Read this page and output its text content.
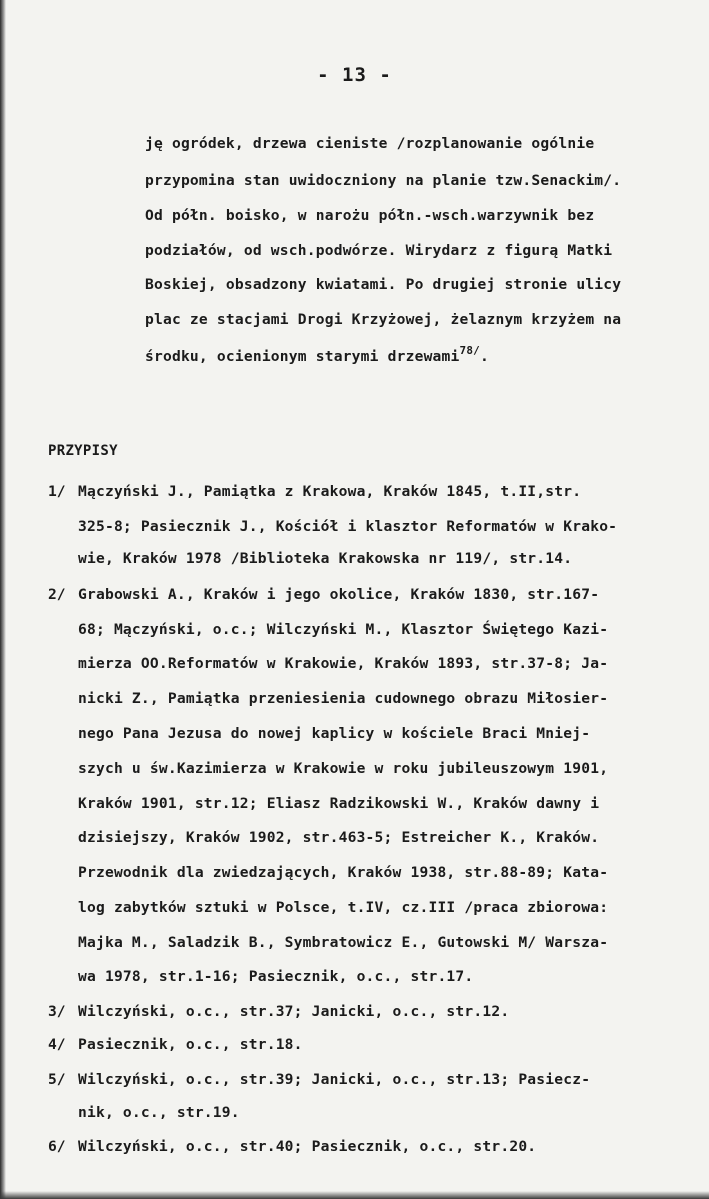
- 13 -
ję ogródek, drzewa cieniste /rozplanowanie ogólnie
przypomina stan uwidoczniony na planie tzw.Senackim/.
Od półn. boisko, w narożu półn.-wsch.warzywnik bez
podziałów, od wsch.podwórze. Wirydarz z figurą Matki
Boskiej, obsadzony kwiatami. Po drugiej stronie ulicy
plac ze stacjami Drogi Krzyżowej, żelaznym krzyżem na
środku, ocienionym starymi drzewami$^{78/}$.
PRZYPISY
1/ Mączyński J., Pamiątka z Krakowa, Kraków 1845, t.II,str.
325-8; Pasiecznik J., Kościół i klasztor Reformatów w Krako-
wie, Kraków 1978 /Biblioteka Krakowska nr 119/, str.14.
2/ Grabowski A., Kraków i jego okolice, Kraków 1830, str.167-
68; Mączyński, o.c.; Wilczyński M., Klasztor Świętego Kazi-
mierza OO.Reformatów w Krakowie, Kraków 1893, str.37-8; Ja-
nicki Z., Pamiątka przeniesienia cudownego obrazu Miłosier-
nego Pana Jezusa do nowej kaplicy w kościele Braci Mniej-
szych u św.Kazimierza w Krakowie w roku jubileuszowym 1901,
Kraków 1901, str.12; Eliasz Radzikowski W., Kraków dawny i
dzisiejszy, Kraków 1902, str.463-5; Estreicher K., Kraków.
Przewodnik dla zwiedzających, Kraków 1938, str.88-89; Kata-
log zabytków sztuki w Polsce, t.IV, cz.III /praca zbiorowa:
Majka M., Saladzik B., Symbratowicz E., Gutowski M/ Warsza-
wa 1978, str.1-16; Pasiecznik, o.c., str.17.
3/ Wilczyński, o.c., str.37; Janicki, o.c., str.12.
4/ Pasiecznik, o.c., str.18.
5/ Wilczyński, o.c., str.39; Janicki, o.c., str.13; Pasiecz-
nik, o.c., str.19.
6/ Wilczyński, o.c., str.40; Pasiecznik, o.c., str.20.
